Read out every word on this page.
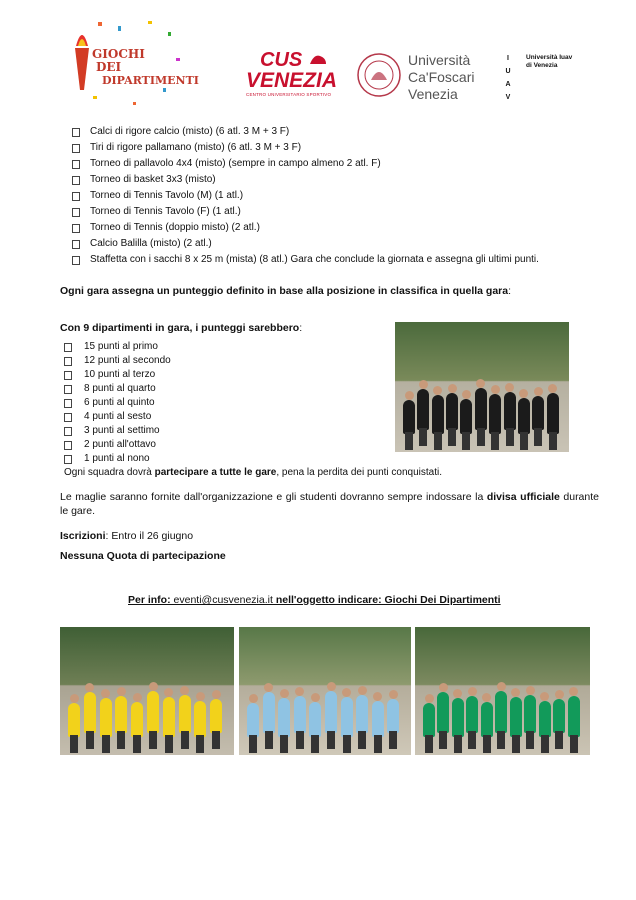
GIOCHI
DEI
DIPARTIMENTI
CUS
VENEZIA
CENTRO UNIVERSITARIO SPORTIVO
Università
Ca'Foscari
Venezia
I
U
A
V
Università Iuav di Venezia
Calci di rigore calcio (misto) (6 atl. 3 M + 3 F)
Tiri di rigore pallamano (misto) (6 atl. 3 M + 3 F)
Torneo di pallavolo 4x4 (misto) (sempre in campo almeno 2 atl. F)
Torneo di basket 3x3 (misto)
Torneo di Tennis Tavolo (M) (1 atl.)
Torneo di Tennis Tavolo (F) (1 atl.)
Torneo di Tennis (doppio misto) (2 atl.)
Calcio Balilla (misto) (2 atl.)
Staffetta con i sacchi 8 x 25 m (mista) (8 atl.) Gara che conclude la giornata e assegna gli ultimi punti.
Ogni gara assegna un punteggio definito in base alla posizione in classifica in quella gara:
Con 9 dipartimenti in gara, i punteggi sarebbero:
15 punti al primo
12 punti al secondo
10 punti al terzo
8 punti al quarto
6 punti al quinto
4 punti al sesto
3 punti al settimo
2 punti all'ottavo
1 punti al nono
Ogni squadra dovrà partecipare a tutte le gare, pena la perdita dei punti conquistati.
Le maglie saranno fornite dall'organizzazione e gli studenti dovranno sempre indossare la divisa ufficiale durante le gare.
Iscrizioni: Entro il 26 giugno
Nessuna Quota di partecipazione
Per info: eventi@cusvenezia.it nell'oggetto indicare: Giochi Dei Dipartimenti
